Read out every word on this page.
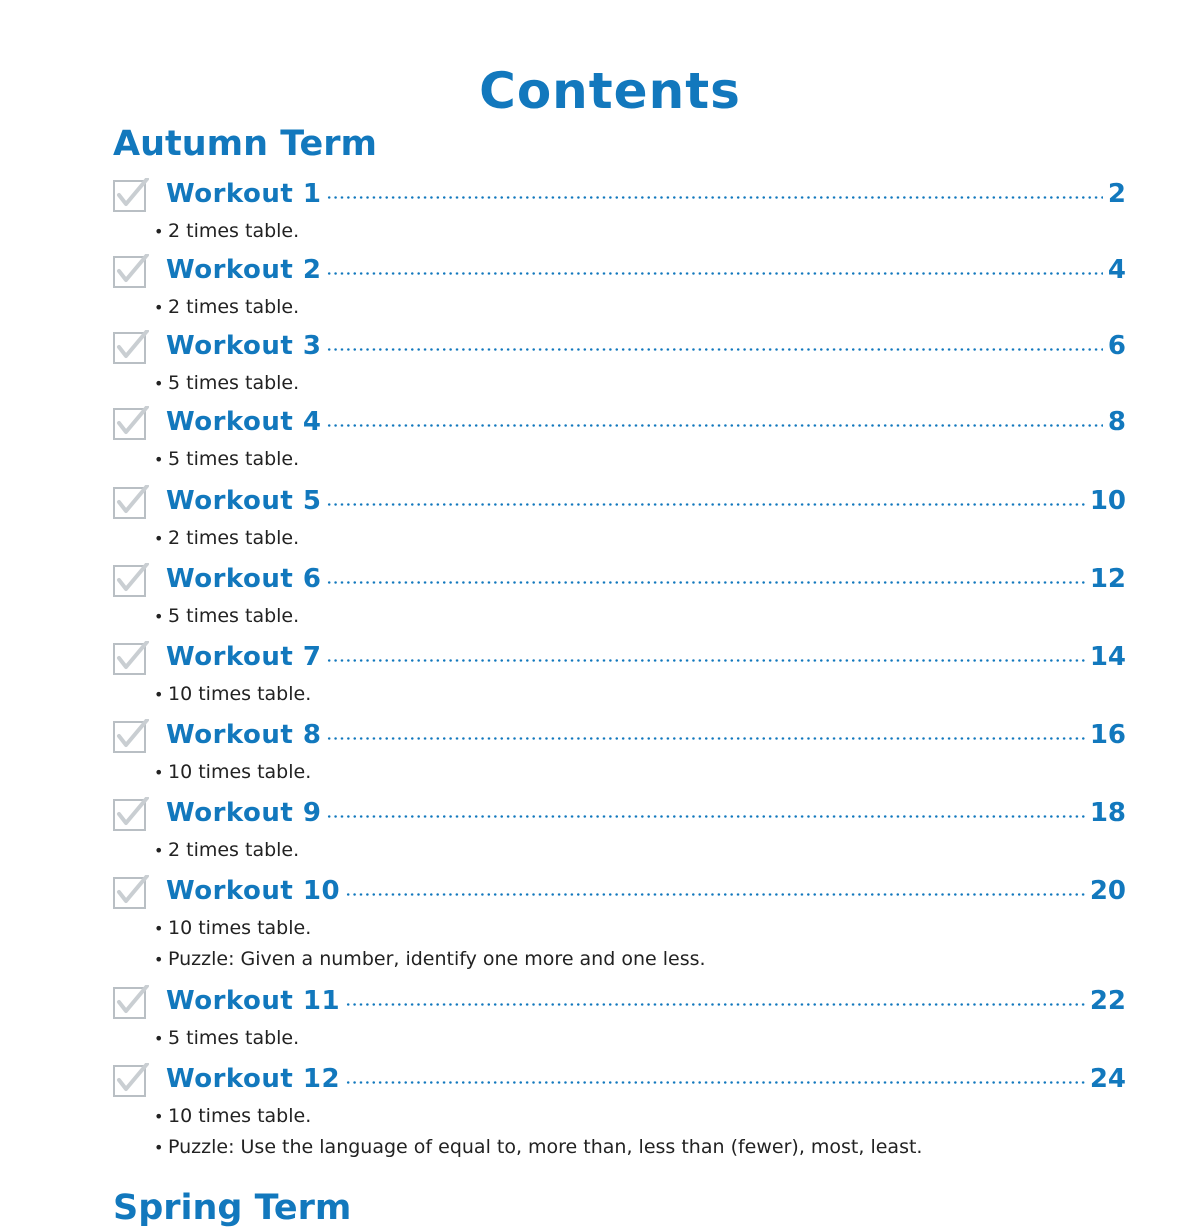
Contents
Autumn Term
Workout 1	2
• 2 times table.
Workout 2	4
• 2 times table.
Workout 3	6
• 5 times table.
Workout 4	8
• 5 times table.
Workout 5	10
• 2 times table.
Workout 6	12
• 5 times table.
Workout 7	14
• 10 times table.
Workout 8	16
• 10 times table.
Workout 9	18
• 2 times table.
Workout 10	20
• 10 times table.
• Puzzle: Given a number, identify one more and one less.
Workout 11	22
• 5 times table.
Workout 12	24
• 10 times table.
• Puzzle: Use the language of equal to, more than, less than (fewer), most, least.
Spring Term
